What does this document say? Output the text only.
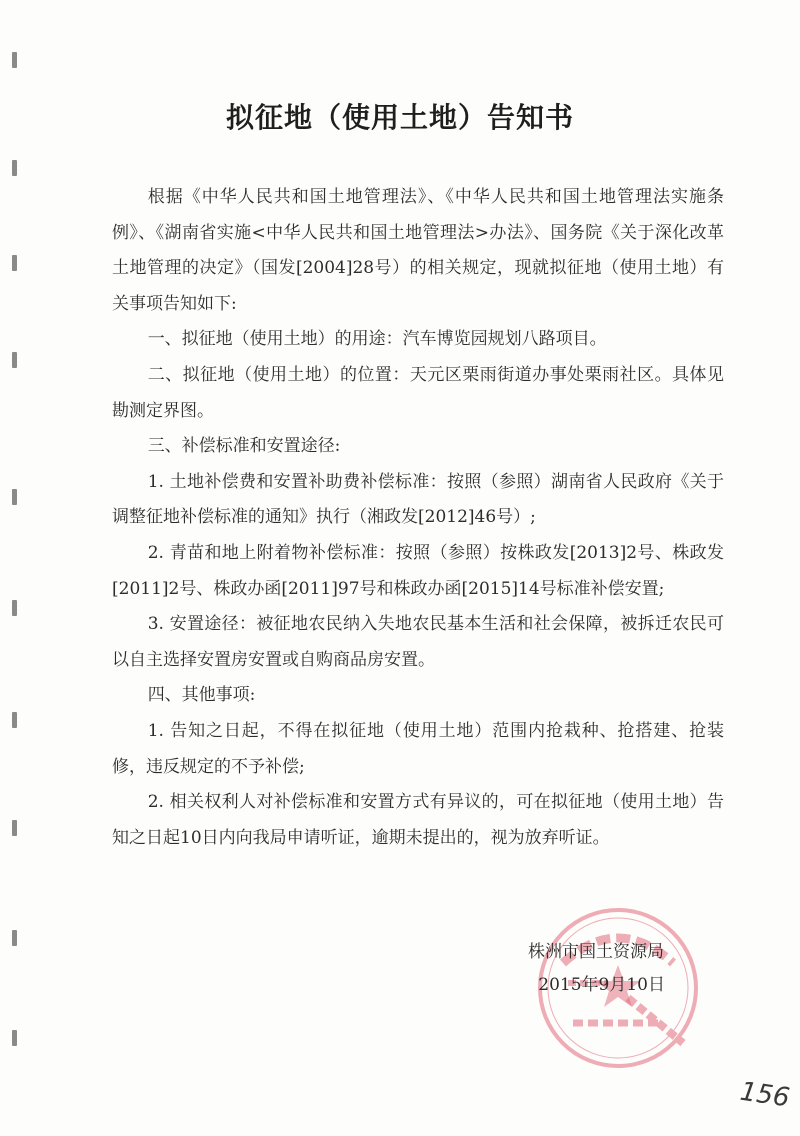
拟征地（使用土地）告知书

根据《中华人民共和国土地管理法》、《中华人民共和国土地管理法实施条例》、《湖南省实施<中华人民共和国土地管理法>办法》、国务院《关于深化改革土地管理的决定》（国发[2004]28号）的相关规定，现就拟征地（使用土地）有关事项告知如下:

一、拟征地（使用土地）的用途：汽车博览园规划八路项目。

二、拟征地（使用土地）的位置：天元区栗雨街道办事处栗雨社区。具体见勘测定界图。

三、补偿标准和安置途径:

1. 土地补偿费和安置补助费补偿标准：按照（参照）湖南省人民政府《关于调整征地补偿标准的通知》执行（湘政发[2012]46号）;

2. 青苗和地上附着物补偿标准：按照（参照）按株政发[2013]2号、株政发[2011]2号、株政办函[2011]97号和株政办函[2015]14号标准补偿安置;

3. 安置途径：被征地农民纳入失地农民基本生活和社会保障，被拆迁农民可以自主选择安置房安置或自购商品房安置。

四、其他事项:

1. 告知之日起，不得在拟征地（使用土地）范围内抢栽种、抢搭建、抢装修，违反规定的不予补偿;

2. 相关权利人对补偿标准和安置方式有异议的，可在拟征地（使用土地）告知之日起10日内向我局申请听证，逾期未提出的，视为放弃听证。

株洲市国土资源局

2015年9月10日

156
